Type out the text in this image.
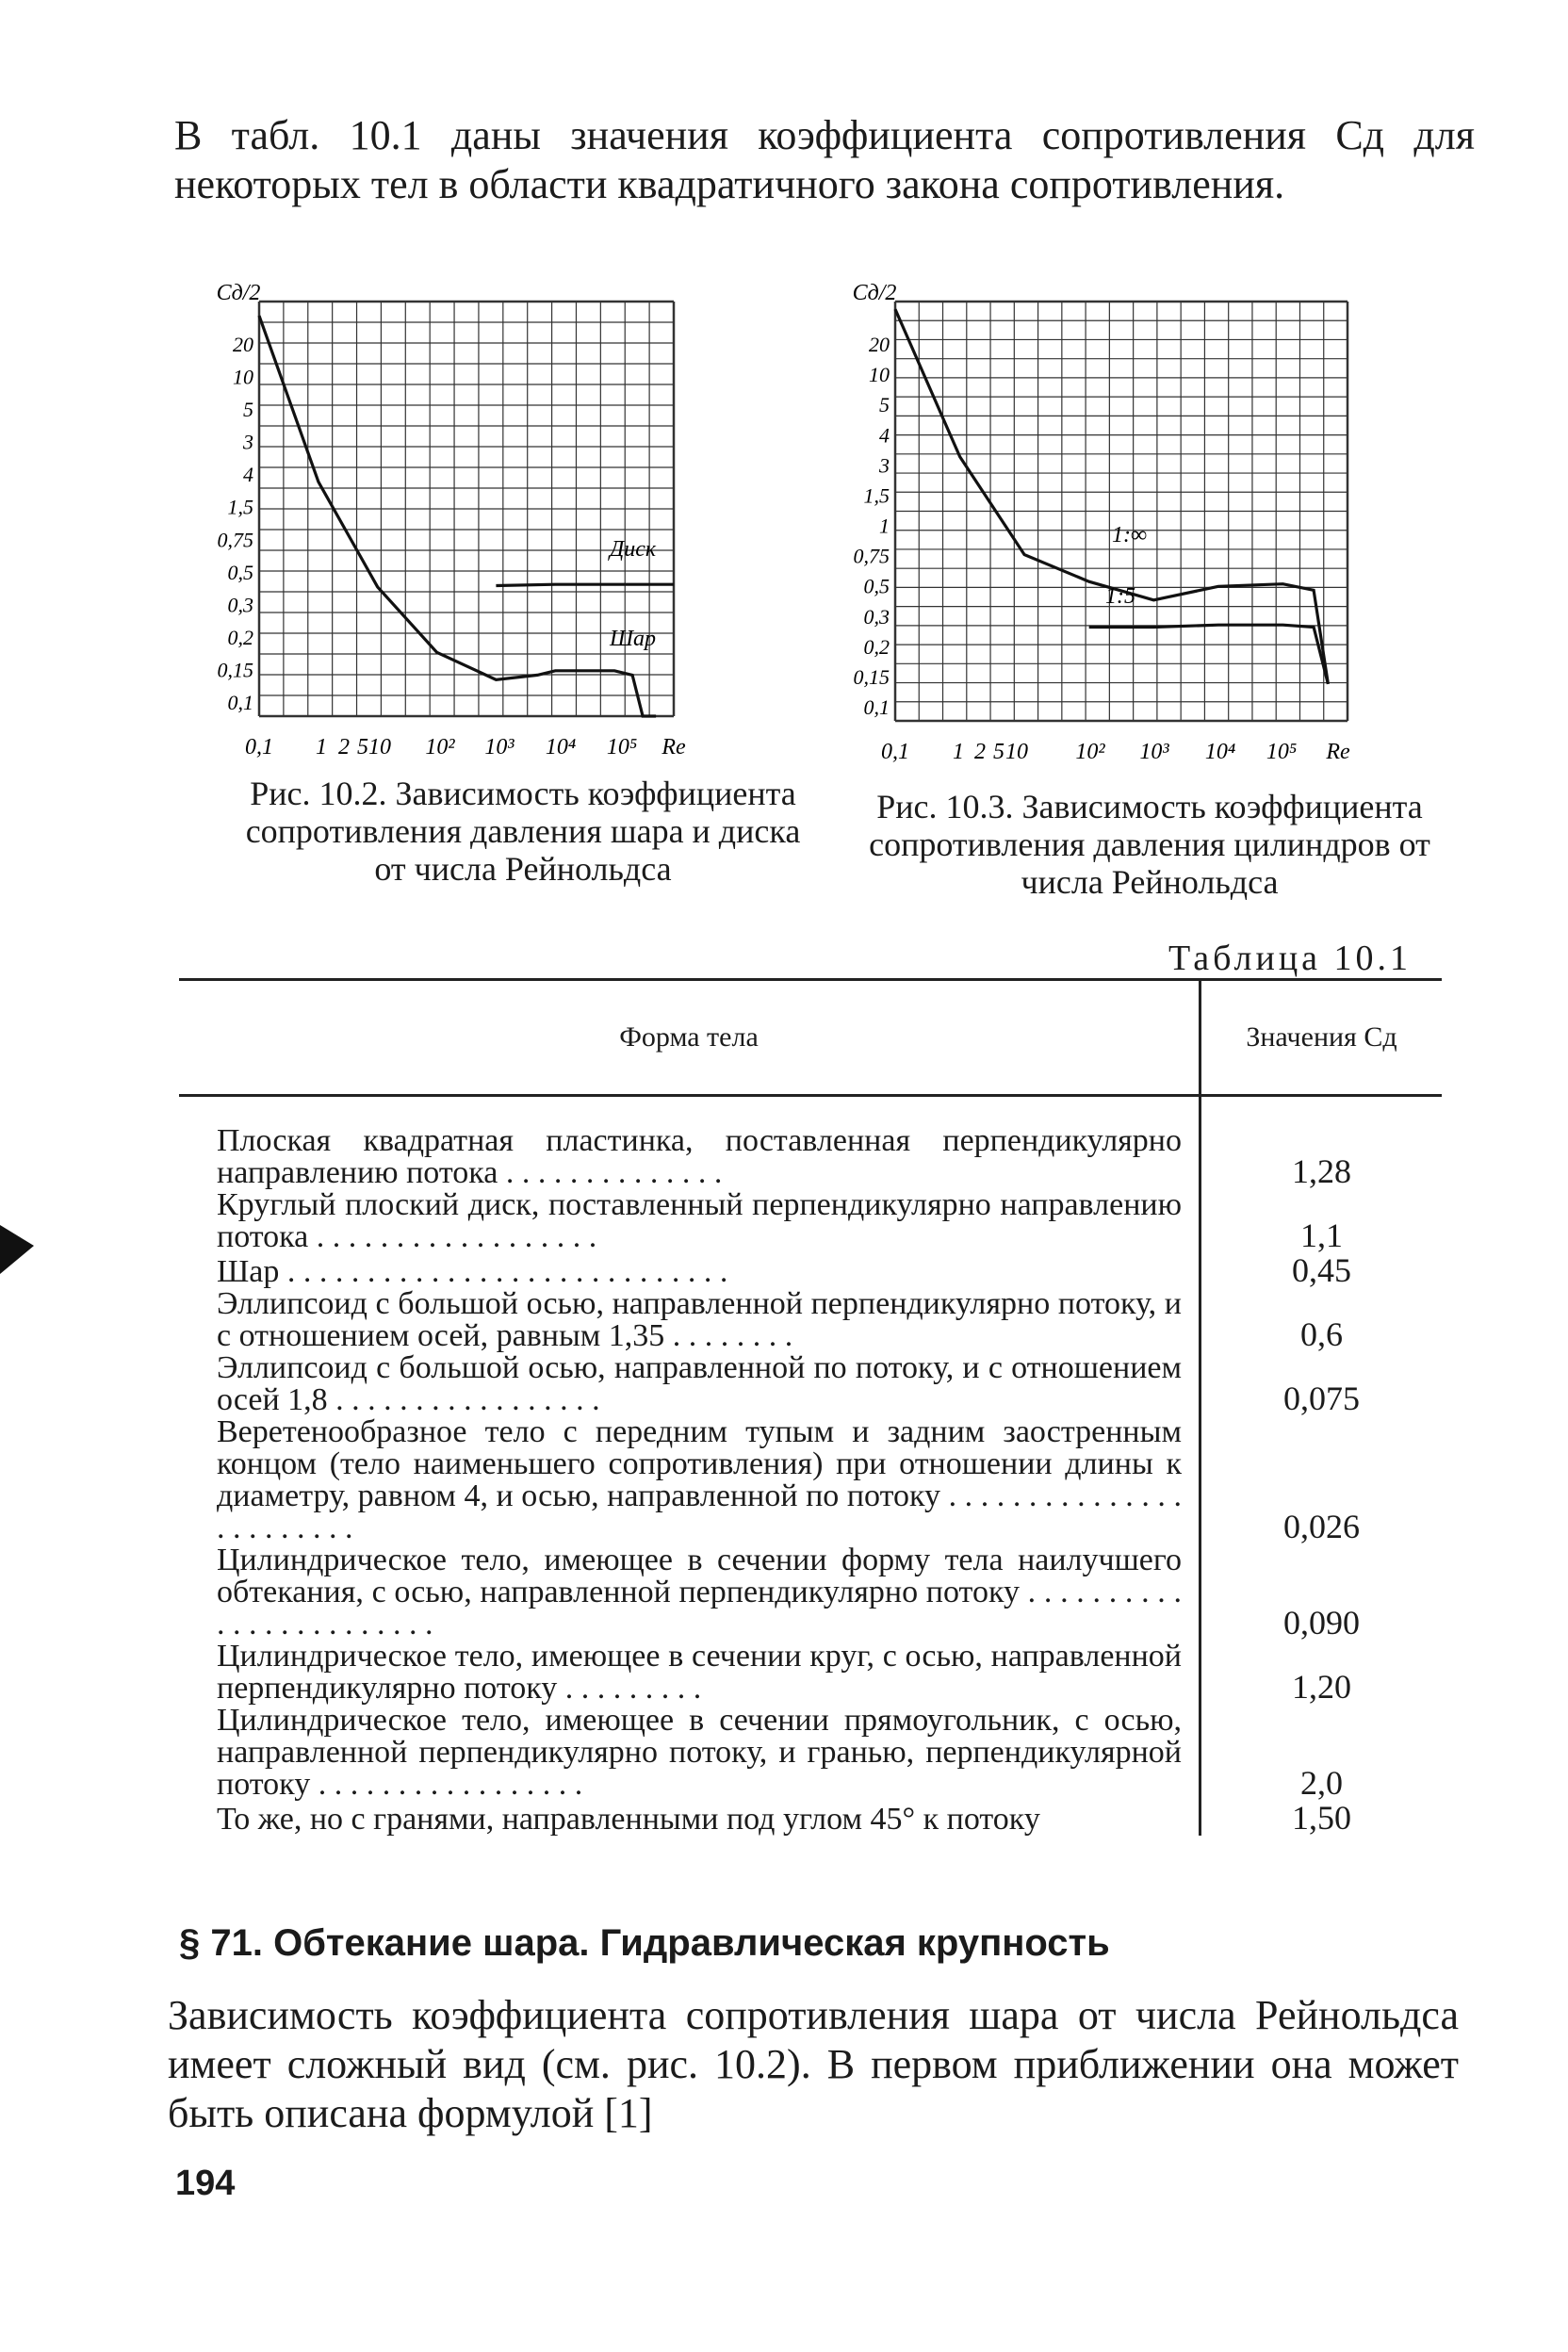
В табл. 10.1 даны значения коэффициента сопротивления Cд для некоторых тел в области квадратичного закона сопротивления.
20
10
5
3
4
1,5
0,75
0,5
0,3
0,2
0,15
0,1
Cд/2
0,1 1 2 5 10 10² 10³ 10⁴ 10⁵ Re
Диск
Шар
Рис. 10.2. Зависимость коэффициента сопротивления давления шара и диска от числа Рейнольдса
20
10
5
4
3
1,5
1
0,75
0,5
0,3
0,2
0,15
0,1
Cд/2
0,1 1 2 5 10 10² 10³ 10⁴ 10⁵ Re
1:∞
1:5
Рис. 10.3. Зависимость коэффициента сопротивления давления цилиндров от числа Рейнольдса
Таблица 10.1
Форма тела	Значения Cд
Плоская квадратная пластинка, поставленная перпендикулярно направлению потока . . . . . . . . . . . . . .	1,28
Круглый плоский диск, поставленный перпендикулярно направлению потока . . . . . . . . . . . . . . . . . .	1,1
Шар . . . . . . . . . . . . . . . . . . . . . . . . . . . .	0,45
Эллипсоид с большой осью, направленной перпендикулярно потоку, и с отношением осей, равным 1,35 . . . . . . . .	0,6
Эллипсоид с большой осью, направленной по потоку, и с отношением осей 1,8 . . . . . . . . . . . . . . . . .	0,075
Веретенообразное тело с передним тупым и задним заостренным концом (тело наименьшего сопротивления) при отношении длины к диаметру, равном 4, и осью, направленной по потоку . . . . . . . . . . . . . . . . . . . . . . . .	0,026
Цилиндрическое тело, имеющее в сечении форму тела наилучшего обтекания, с осью, направленной перпендикулярно потоку . . . . . . . . . . . . . . . . . . . . . . . .	0,090
Цилиндрическое тело, имеющее в сечении круг, с осью, направленной перпендикулярно потоку . . . . . . . . .	1,20
Цилиндрическое тело, имеющее в сечении прямоугольник, с осью, направленной перпендикулярно потоку, и гранью, перпендикулярной потоку . . . . . . . . . . . . . . . . .	2,0
То же, но с гранями, направленными под углом 45° к потоку	1,50
§ 71. Обтекание шара. Гидравлическая крупность
Зависимость коэффициента сопротивления шара от числа Рейнольдса имеет сложный вид (см. рис. 10.2). В первом приближении она может быть описана формулой [1]
194
